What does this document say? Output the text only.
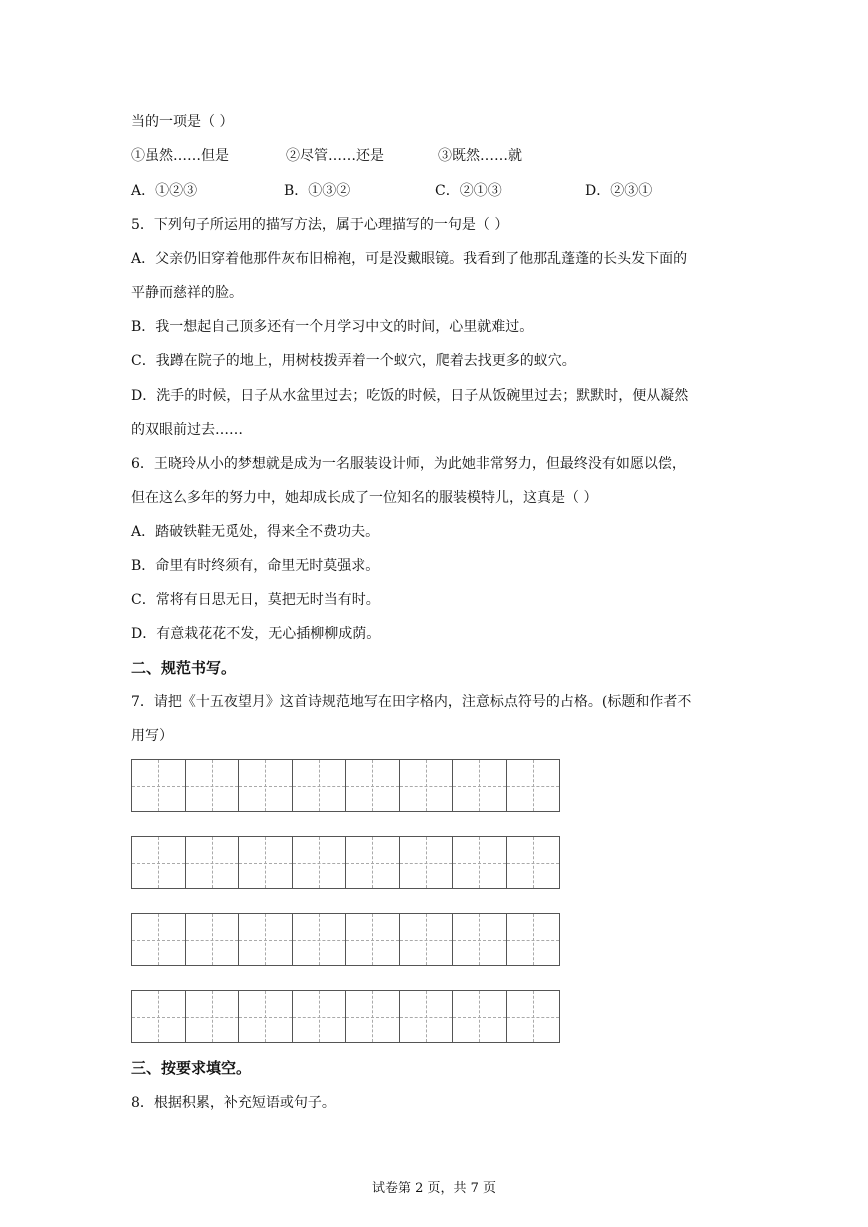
当的一项是（ ）
①虽然……但是	②尽管……还是	③既然……就
A．①②③	B．①③②	C．②①③	D．②③①
5．下列句子所运用的描写方法，属于心理描写的一句是（ ）
A．父亲仍旧穿着他那件灰布旧棉袍，可是没戴眼镜。我看到了他那乱蓬蓬的长头发下面的
平静而慈祥的脸。
B．我一想起自己顶多还有一个月学习中文的时间，心里就难过。
C．我蹲在院子的地上，用树枝拨弄着一个蚁穴，爬着去找更多的蚁穴。
D．洗手的时候，日子从水盆里过去；吃饭的时候，日子从饭碗里过去；默默时，便从凝然
的双眼前过去……
6．王晓玲从小的梦想就是成为一名服装设计师，为此她非常努力，但最终没有如愿以偿，
但在这么多年的努力中，她却成长成了一位知名的服装模特儿，这真是（ ）
A．踏破铁鞋无觅处，得来全不费功夫。
B．命里有时终须有，命里无时莫强求。
C．常将有日思无日，莫把无时当有时。
D．有意栽花花不发，无心插柳柳成荫。
二、规范书写。
7．请把《十五夜望月》这首诗规范地写在田字格内，注意标点符号的占格。(标题和作者不
用写）
三、按要求填空。
8．根据积累，补充短语或句子。
试卷第 2 页，共 7 页
